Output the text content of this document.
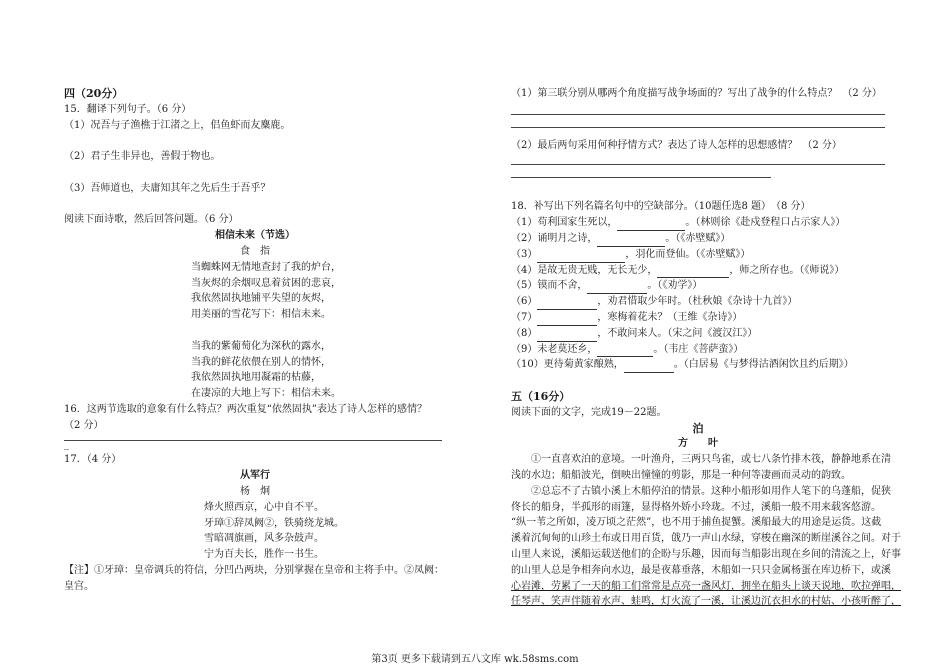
四（20分）
15．翻译下列句子。（6 分）
（1）况吾与子渔樵于江渚之上，侣鱼虾而友麋鹿。
（2）君子生非异也，善假于物也。
（3）吾师道也，夫庸知其年之先后生于吾乎？
阅读下面诗歌，然后回答问题。（6 分）
相信未来（节选）
食　指
当蜘蛛网无情地查封了我的炉台，
当灰烬的余烟叹息着贫困的悲哀，
我依然固执地铺平失望的灰烬，
用美丽的雪花写下：相信未来。
当我的紫葡萄化为深秋的露水，
当我的鲜花依偎在别人的情怀，
我依然固执地用凝霜的枯藤，
在凄凉的大地上写下：相信未来。
16．这两节选取的意象有什么特点？两次重复“依然固执”表达了诗人怎样的感情？
（2 分）
_
17．（4 分）
从军行
杨　炯
烽火照西京，心中自不平。
牙璋①辞凤阙②，铁骑绕龙城。
雪暗凋旗画，风多杂鼓声。
宁为百夫长，胜作一书生。
【注】①牙璋：皇帝调兵的符信，分凹凸两块，分别掌握在皇帝和主将手中。②凤阙：
皇宫。
（1）第三联分别从哪两个角度描写战争场面的？写出了战争的什么特点？　（2 分）
（2）最后两句采用何种抒情方式？表达了诗人怎样的思想感情？　（2 分）
18．补写出下列名篇名句中的空缺部分。（10题任选8 题）　（8 分）
（1）苟利国家生死以，	。（林则徐《赴戍登程口占示家人》）
（2）诵明月之诗，	。（《赤壁赋》）
（3）	，羽化而登仙。（《赤壁赋》）
（4）是故无贵无贱，无长无少，	，师之所存也。（《师说》）
（5）镆而不舍，	。（《劝学》）
（6）	，劝君惜取少年时。（杜秋娘《杂诗十九首》）
（7）	，寒梅着花未？（王维《杂诗》）
（8）	，不敢问来人。（宋之问《渡汉江》）
（9）未老莫还乡，	。（韦庄《菩萨蛮》）
（10）更待菊黄家酿熟，	。（白居易《与梦得沽酒闲饮且约后期》）
五（16分）
阅读下面的文字，完成19－22题。
泊
方　　叶
①一直喜欢泊的意境。一叶渔舟，三两只鸟雀，或七八条竹排木筏，静静地系在清
浅的水边；船船波光，倒映出憧憧的剪影，那是一种何等凄画而灵动的韵致。
②总忘不了古镇小溪上木船停泊的情景。这种小船形如用作人笔下的乌蓬船，促狭
佟长的船身，半孤形的雨篷，显得格外娇小玲珑。不过，溪船一般不用来载客悠游。
“纵一苇之所如，凌万顷之茫然”，也不用于捕鱼捉蟹。溪船最大的用途是运货。这截
溪着沉甸甸的山珍土布或日用百货，戗乃一声山水绿，穿梭在幽深的断崖溪谷之间。对于
山里人来说，溪船运载送他们的企盼与乐趣，因而每当船影出现在乡间的清流之上，好事
的山里人总是争相奔向水边，最是夜幕垂落，木船如一只只金属杨蛋在库边桥下，或溪
心岩滩，劳累了一天的船工们常常是点亮一盏风灯，拥坐在船头上谈天说地，吹拉弹唱，
任琴声、笑声伴随着水声、蛙鸣，灯火流了一溪，让溪边沉衣担水的村姑、小孩听醉了，
第3页 更多下载请到五八文库 wk.58sms.com
